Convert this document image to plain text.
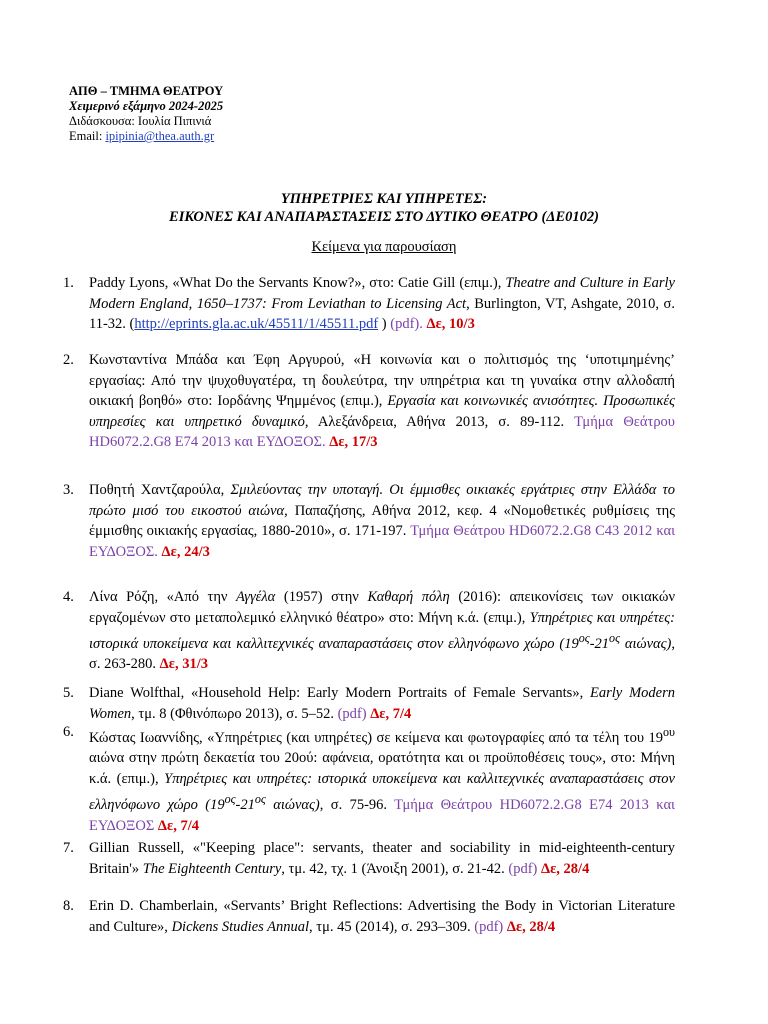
ΑΠΘ – ΤΜΗΜΑ ΘΕΑΤΡΟΥ
Χειμερινό εξάμηνο 2024-2025
Διδάσκουσα: Ιουλία Πιπινιά
Email: ipipinia@thea.auth.gr
ΥΠΗΡΕΤΡΙΕΣ ΚΑΙ ΥΠΗΡΕΤΕΣ:
ΕΙΚΟΝΕΣ ΚΑΙ ΑΝΑΠΑΡΑΣΤΑΣΕΙΣ ΣΤΟ ΔΥΤΙΚΟ ΘΕΑΤΡΟ (ΔΕ0102)
Κείμενα για παρουσίαση
1. Paddy Lyons, «What Do the Servants Know?», στο: Catie Gill (επιμ.), Theatre and Culture in Early Modern England, 1650–1737: From Leviathan to Licensing Act, Burlington, VT, Ashgate, 2010, σ. 11-32. (http://eprints.gla.ac.uk/45511/1/45511.pdf ) (pdf). Δε, 10/3
2. Κωνσταντίνα Μπάδα και Έφη Αργυρού, «Η κοινωνία και ο πολιτισμός της ‘υποτιμημένης’ εργασίας: Από την ψυχοθυγατέρα, τη δουλεύτρα, την υπηρέτρια και τη γυναίκα στην αλλοδαπή οικιακή βοηθό» στο: Ιορδάνης Ψημμένος (επιμ.), Εργασία και κοινωνικές ανισότητες. Προσωπικές υπηρεσίες και υπηρετικό δυναμικό, Αλεξάνδρεια, Αθήνα 2013, σ. 89-112. Τμήμα Θεάτρου HD6072.2.G8 E74 2013 και ΕΥΔΟΞΟΣ. Δε, 17/3
3. Ποθητή Χαντζαρούλα, Σμιλεύοντας την υποταγή. Οι έμμισθες οικιακές εργάτριες στην Ελλάδα το πρώτο μισό του εικοστού αιώνα, Παπαζήσης, Αθήνα 2012, κεφ. 4 «Νομοθετικές ρυθμίσεις της έμμισθης οικιακής εργασίας, 1880-2010», σ. 171-197. Τμήμα Θεάτρου HD6072.2.G8 C43 2012 και ΕΥΔΟΞΟΣ. Δε, 24/3
4. Λίνα Ρόζη, «Από την Αγγέλα (1957) στην Καθαρή πόλη (2016): απεικονίσεις των οικιακών εργαζομένων στο μεταπολεμικό ελληνικό θέατρο» στο: Μήνη κ.ά. (επιμ.), Υπηρέτριες και υπηρέτες: ιστορικά υποκείμενα και καλλιτεχνικές αναπαραστάσεις στον ελληνόφωνο χώρο ($19^{o\varsigma}-21^{o\varsigma}$ αιώνας), σ. 263-280. Δε, 31/3
5. Diane Wolfthal, «Household Help: Early Modern Portraits of Female Servants», Early Modern Women, τμ. 8 (Φθινόπωρο 2013), σ. 5–52. (pdf) Δε, 7/4
6. Κώστας Ιωαννίδης, «Υπηρέτριες (και υπηρέτες) σε κείμενα και φωτογραφίες από τα τέλη του $19^{o\upsilon}$ αιώνα στην πρώτη δεκαετία του 20ού: αφάνεια, ορατότητα και οι προϋποθέσεις τους», στο: Μήνη κ.ά. (επιμ.), Υπηρέτριες και υπηρέτες: ιστορικά υποκείμενα και καλλιτεχνικές αναπαραστάσεις στον ελληνόφωνο χώρο ($19^{o\varsigma}-21^{o\varsigma}$ αιώνας), σ. 75-96. Τμήμα Θεάτρου HD6072.2.G8 E74 2013 και ΕΥΔΟΞΟΣ Δε, 7/4
7. Gillian Russell, «"Keeping place": servants, theater and sociability in mid-eighteenth-century Britain'» The Eighteenth Century, τμ. 42, τχ. 1 (Άνοιξη 2001), σ. 21-42. (pdf) Δε, 28/4
8. Erin D. Chamberlain, «Servants’ Bright Reflections: Advertising the Body in Victorian Literature and Culture», Dickens Studies Annual, τμ. 45 (2014), σ. 293–309. (pdf) Δε, 28/4
